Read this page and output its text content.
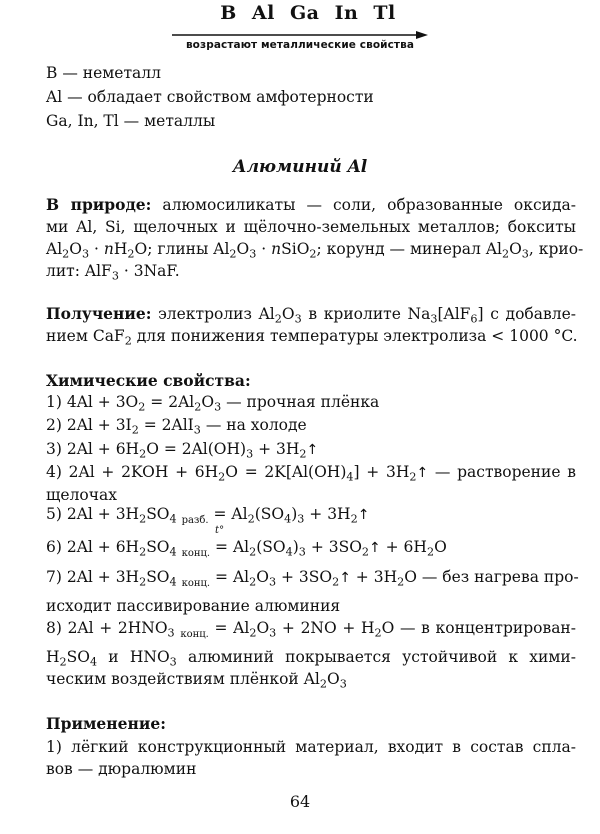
B Al Ga In Tl
возрастают металлические свойства
B — неметалл
Al — обладает свойством амфотерности
Ga, In, Tl — металлы
Алюминий Al
В природе: алюмосиликаты — соли, образованные оксида-
ми Al, Si, щелочных и щёлочно-земельных металлов; бокситы
$Al_2O_3 \cdot nH_2O$; глины $Al_2O_3$ · nSiO$_2$; корунд — минерал $Al_2O_3$, крио-
лит: AlF$_3$ · 3NaF.
Получение: электролиз $Al_2O_3$ в криолите $Na_3[AlF_6]$ с добавле-
нием CaF$_2$ для понижения температуры электролиза < 1000 °C.
Химические свойства:
1) $4Al + 3O_2 = 2Al_2O_3$ — прочная плёнка
2) $2Al + 3I_2 = 2AlI_3$ — на холоде
3) $2Al + 6H_2O = 2Al(OH)_3$ + $3H_2↑$
4) $2Al + 2KOH + 6H_2O = 2K[Al(OH)_4]$ + $3H_2↑$ — растворение в
щелочах
5) $2Al + 3H_2SO_4$ $_{разб.} = Al_2(SO_4)_3$ + $3H_2↑$
6) $2Al + 6H_2SO_4$ $_{конц.}$ =
t°
$Al_2(SO_4)_3$ + $3SO_2↑ + 6H_2O$
7) $2Al + 3H_2SO_4$ $_{конц.} = Al_2O_3$ + $3SO_2↑ + 3H_2O$ — без нагрева про-
исходит пассивирование алюминия
8) $2Al + 2HNO_3$ $_{конц.} = Al_2O_3 + 2NO + H_2O$ — в концентрирован-
$H_2SO_4$ и $HNO_3$ алюминий покрывается устойчивой к хими-
ческим воздействиям плёнкой $Al_2O_3$
Применение:
1) лёгкий конструкционный материал, входит в состав спла-
вов — дюралюмин
64
